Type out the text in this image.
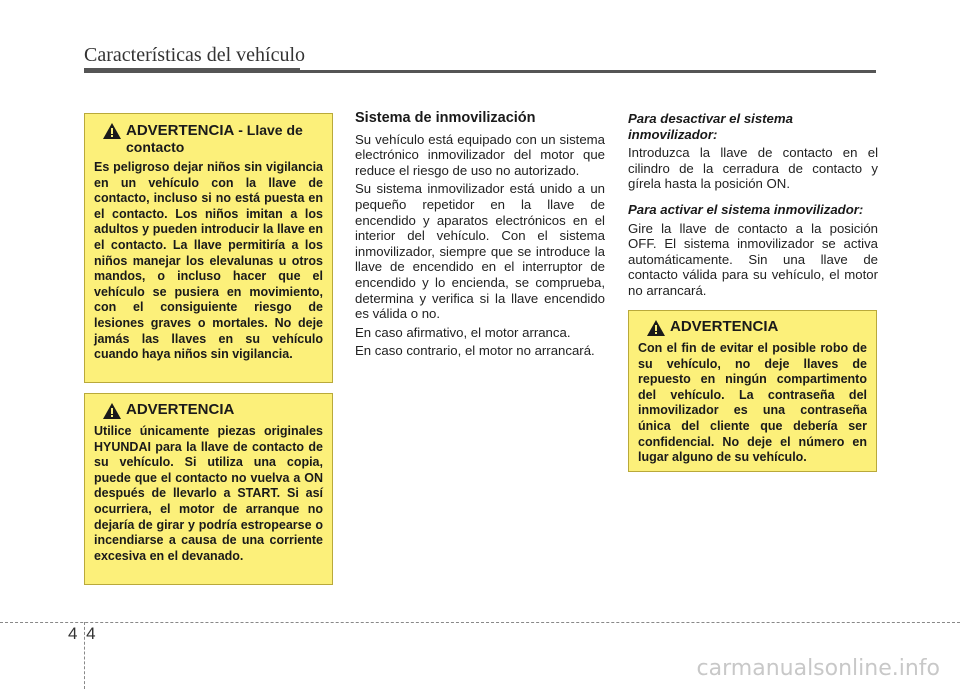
Características del vehículo
ADVERTENCIA - Llave de contacto
Es peligroso dejar niños sin vigilancia en un vehículo con la llave de contacto, incluso si no está puesta en el contacto. Los niños imitan a los adultos y pueden introducir la llave en el contacto. La llave permitiría a los niños manejar los elevalunas u otros mandos, o incluso hacer que el vehículo se pusiera en movimiento, con el consiguiente riesgo de lesiones graves o mortales. No deje jamás las llaves en su vehículo cuando haya niños sin vigilancia.
ADVERTENCIA
Utilice únicamente piezas originales HYUNDAI para la llave de contacto de su vehículo. Si utiliza una copia, puede que el contacto no vuelva a ON después de llevarlo a START. Si así ocurriera, el motor de arranque no dejaría de girar y podría estropearse o incendiarse a causa de una corriente excesiva en el devanado.
Sistema de inmovilización

Su vehículo está equipado con un sistema electrónico inmovilizador del motor que reduce el riesgo de uso no autorizado.

Su sistema inmovilizador está unido a un pequeño repetidor en la llave de encendido y aparatos electrónicos en el interior del vehículo. Con el sistema inmovilizador, siempre que se introduce la llave de encendido en el interruptor de encendido y lo encienda, se comprueba, determina y verifica si la llave encendido es válida o no.

En caso afirmativo, el motor arranca.

En caso contrario, el motor no arrancará.

Para desactivar el sistema inmovilizador:

Introduzca la llave de contacto en el cilindro de la cerradura de contacto y gírela hasta la posición ON.

Para activar el sistema inmovilizador:

Gire la llave de contacto a la posición OFF. El sistema inmovilizador se activa automáticamente. Sin una llave de contacto válida para su vehículo, el motor no arrancará.

ADVERTENCIA
Con el fin de evitar el posible robo de su vehículo, no deje llaves de repuesto en ningún compartimento del vehículo. La contraseña del inmovilizador es una contraseña única del cliente que debería ser confidencial. No deje el número en lugar alguno de su vehículo.
4 4
carmanualsonline.info
